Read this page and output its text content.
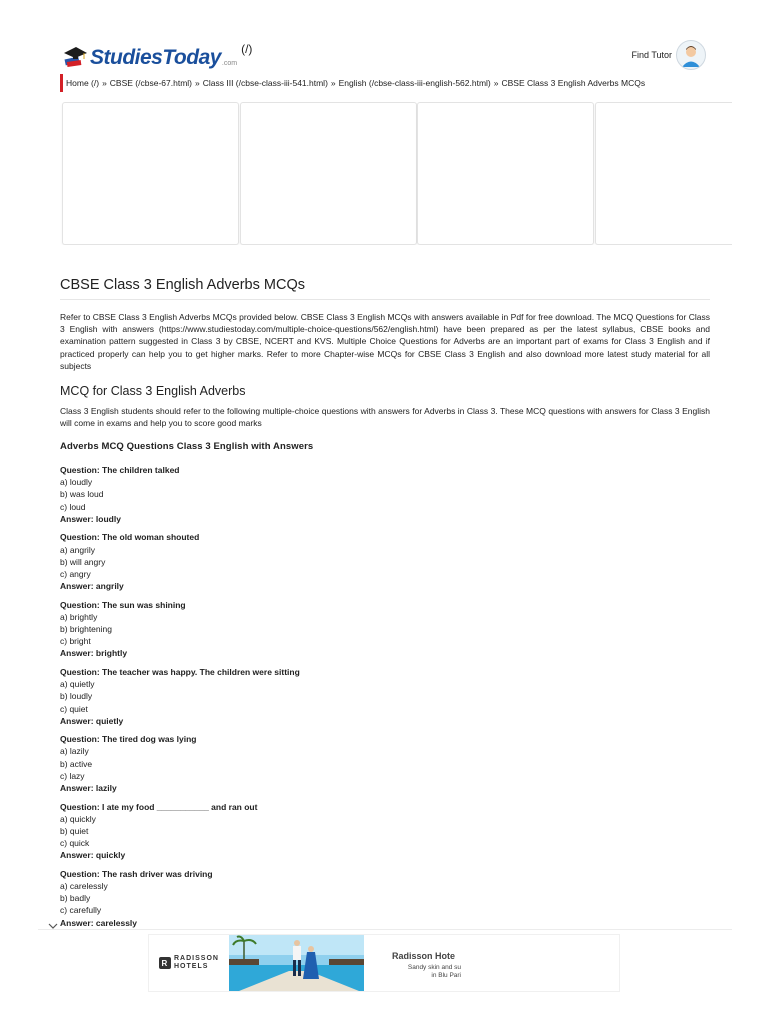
StudiesToday .com
(/)	Find Tutor
Home (/) » CBSE (/cbse-67.html) » Class III (/cbse-class-iii-541.html) » English (/cbse-class-iii-english-562.html) » CBSE Class 3 English Adverbs MCQs
CBSE Class 3 English Adverbs MCQs

Refer to CBSE Class 3 English Adverbs MCQs provided below. CBSE Class 3 English MCQs with answers available in Pdf for free download. The MCQ Questions for Class 3 English with answers (https://www.studiestoday.com/multiple-choice-questions/562/english.html) have been prepared as per the latest syllabus, CBSE books and examination pattern suggested in Class 3 by CBSE, NCERT and KVS. Multiple Choice Questions for Adverbs are an important part of exams for Class 3 English and if practiced properly can help you to get higher marks. Refer to more Chapter-wise MCQs for CBSE Class 3 English and also download more latest study material for all subjects

MCQ for Class 3 English Adverbs

Class 3 English students should refer to the following multiple-choice questions with answers for Adverbs in Class 3. These MCQ questions with answers for Class 3 English will come in exams and help you to score good marks

Adverbs MCQ Questions Class 3 English with Answers
Question: The children talked
a) loudly
b) was loud
c) loud
Answer: loudly
Question: The old woman shouted
a) angrily
b) will angry
c) angry
Answer: angrily
Question: The sun was shining
a) brightly
b) brightening
c) bright
Answer: brightly
Question: The teacher was happy. The children were sitting
a) quietly
b) loudly
c) quiet
Answer: quietly
Question: The tired dog was lying
a) lazily
b) active
c) lazy
Answer: lazily
Question: I ate my food ___________ and ran out
a) quickly
b) quiet
c) quick
Answer: quickly
Question: The rash driver was driving
a) carelessly
b) badly
c) carefully
Answer: carelessly
R
RADISSON
HOTELS
Radisson Hote
Sandy skin and su
in Blu Pari
